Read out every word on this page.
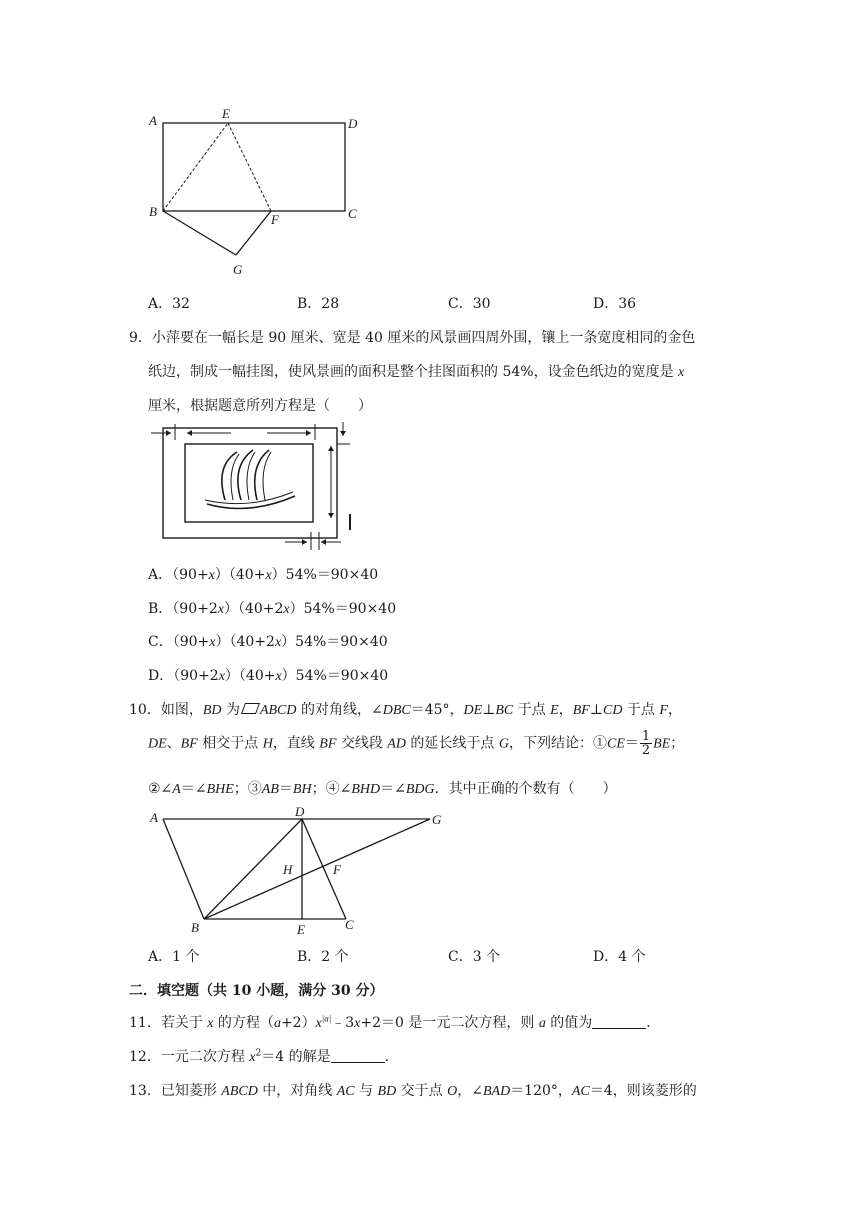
A	E
D
B
F	C
G
A．32	B．28	C．30	D．36
9．小萍要在一幅长是 90 厘米、宽是 40 厘米的风景画四周外围，镶上一条宽度相同的金色
纸边，制成一幅挂图，使风景画的面积是整个挂图面积的 54%，设金色纸边的宽度是 x
厘米，根据题意所列方程是（　　）
A．（90+x）（40+x）54%＝90×40
B．（90+2x）（40+2x）54%＝90×40
C．（90+x）（40+2x）54%＝90×40
D．（90+2x）（40+x）54%＝90×40
10．如图，BD 为 ABCD 的对角线，∠DBC＝45°，DE⊥BC 于点 E，BF⊥CD 于点 F，
DE、BF 相交于点 H，直线 BF 交线段 AD 的延长线于点 G，下列结论：①CE＝ $\frac{1}{2}$ BE；
②∠A＝∠BHE；③AB＝BH；④∠BHD＝∠BDG．其中正确的个数有（　　）
A	D
G
H	F
B	E	C
A．1 个	B．2 个	C．3 个	D．4 个
二．填空题（共 10 小题，满分 30 分）
11．若关于 x 的方程$(a+2)x^{|a|}﹣3x+2=0$ 是一元二次方程，则 a 的值为	．
12．一元二次方程 $x^2=4$ 的解是	．
13．已知菱形 ABCD 中，对角线 AC 与 BD 交于点 O，∠BAD＝120°，AC＝4，则该菱形的
